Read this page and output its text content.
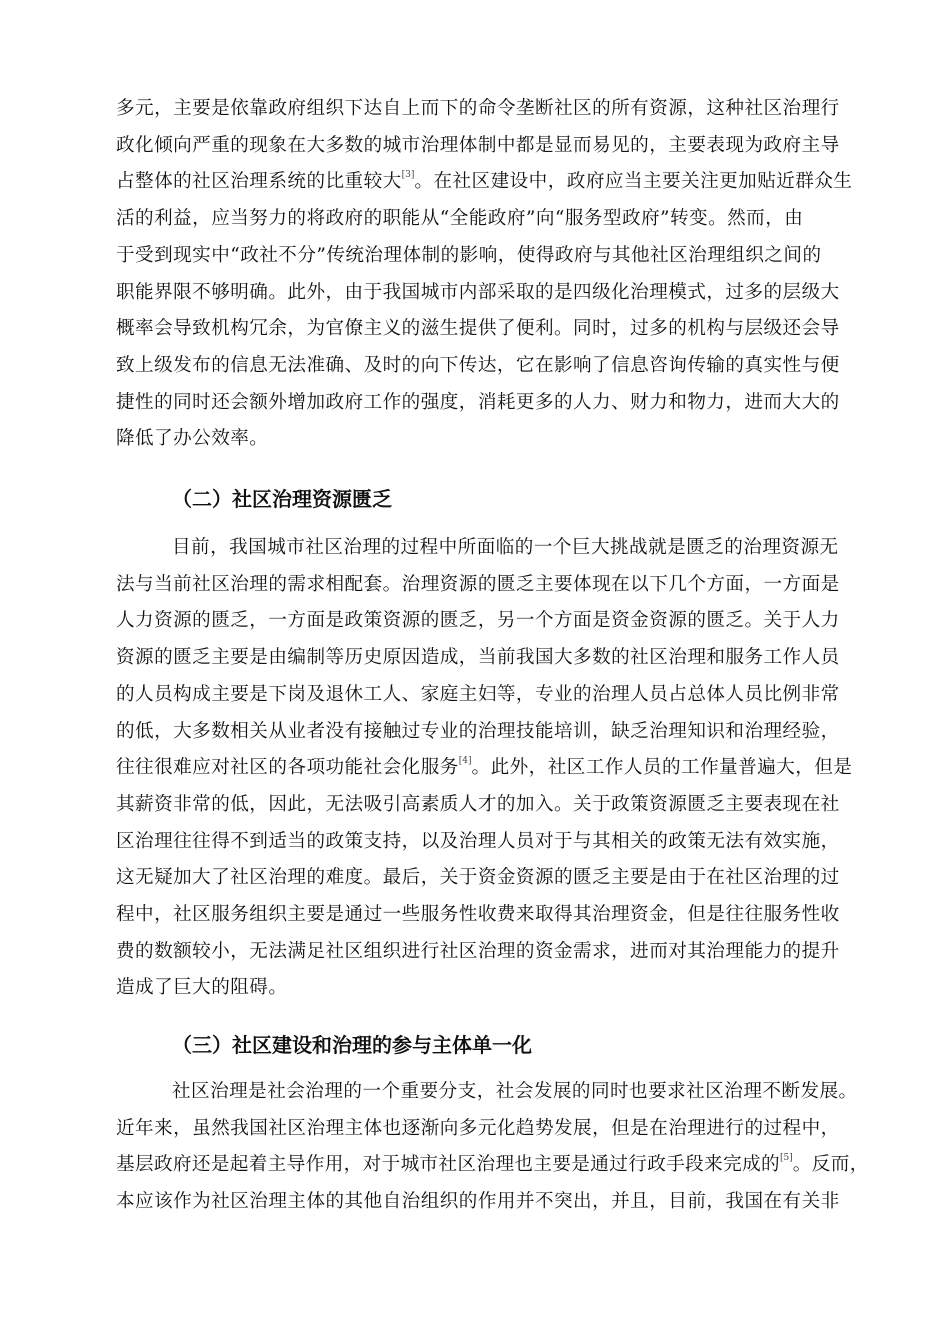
多元，主要是依靠政府组织下达自上而下的命令垄断社区的所有资源，这种社区治理行
政化倾向严重的现象在大多数的城市治理体制中都是显而易见的，主要表现为政府主导
占整体的社区治理系统的比重较大[3]。在社区建设中，政府应当主要关注更加贴近群众生
活的利益，应当努力的将政府的职能从“全能政府”向“服务型政府”转变。然而，由
于受到现实中“政社不分”传统治理体制的影响，使得政府与其他社区治理组织之间的
职能界限不够明确。此外，由于我国城市内部采取的是四级化治理模式，过多的层级大
概率会导致机构冗余，为官僚主义的滋生提供了便利。同时，过多的机构与层级还会导
致上级发布的信息无法准确、及时的向下传达，它在影响了信息咨询传输的真实性与便
捷性的同时还会额外增加政府工作的强度，消耗更多的人力、财力和物力，进而大大的
降低了办公效率。
（二）社区治理资源匮乏
目前，我国城市社区治理的过程中所面临的一个巨大挑战就是匮乏的治理资源无
法与当前社区治理的需求相配套。治理资源的匮乏主要体现在以下几个方面，一方面是
人力资源的匮乏，一方面是政策资源的匮乏，另一个方面是资金资源的匮乏。关于人力
资源的匮乏主要是由编制等历史原因造成，当前我国大多数的社区治理和服务工作人员
的人员构成主要是下岗及退休工人、家庭主妇等，专业的治理人员占总体人员比例非常
的低，大多数相关从业者没有接触过专业的治理技能培训，缺乏治理知识和治理经验，
往往很难应对社区的各项功能社会化服务[4]。此外，社区工作人员的工作量普遍大，但是
其薪资非常的低，因此，无法吸引高素质人才的加入。关于政策资源匮乏主要表现在社
区治理往往得不到适当的政策支持，以及治理人员对于与其相关的政策无法有效实施，
这无疑加大了社区治理的难度。最后，关于资金资源的匮乏主要是由于在社区治理的过
程中，社区服务组织主要是通过一些服务性收费来取得其治理资金，但是往往服务性收
费的数额较小，无法满足社区组织进行社区治理的资金需求，进而对其治理能力的提升
造成了巨大的阻碍。
（三）社区建设和治理的参与主体单一化
社区治理是社会治理的一个重要分支，社会发展的同时也要求社区治理不断发展。
近年来，虽然我国社区治理主体也逐渐向多元化趋势发展，但是在治理进行的过程中，
基层政府还是起着主导作用，对于城市社区治理也主要是通过行政手段来完成的[5]。反而，
本应该作为社区治理主体的其他自治组织的作用并不突出，并且，目前，我国在有关非
